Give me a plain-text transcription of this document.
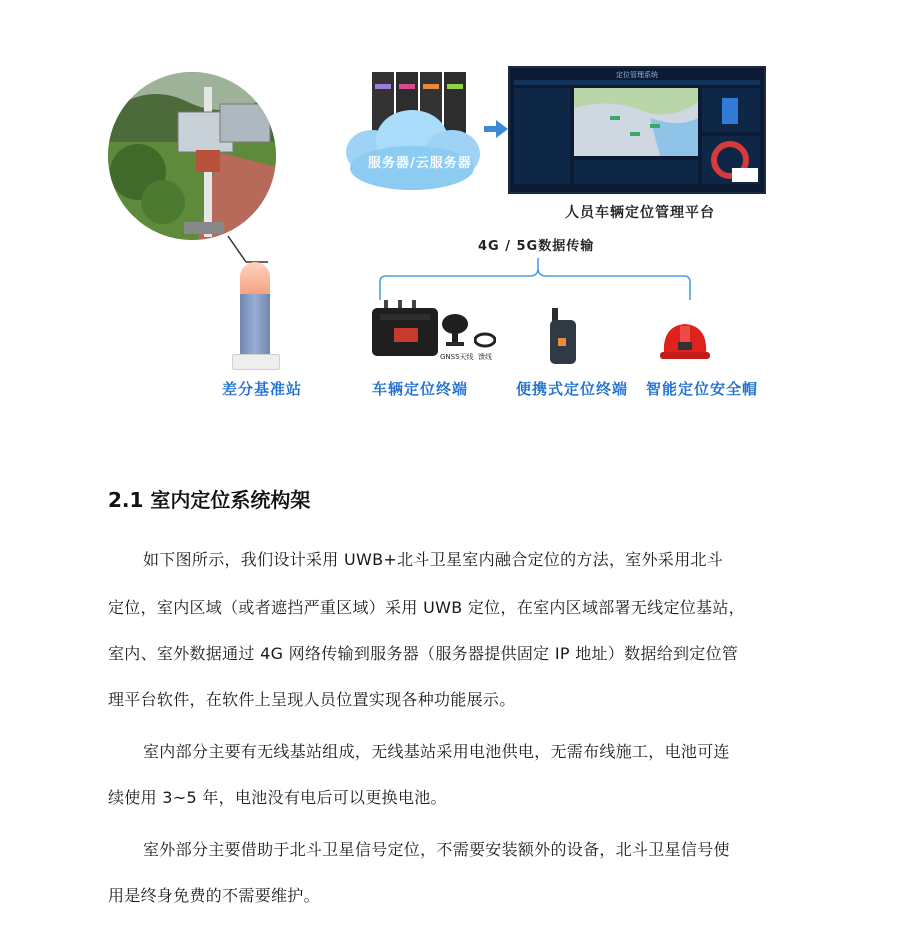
差分基准站
服务器/云服务器
定位管理系统
人员车辆定位管理平台
4G / 5G数据传输
GNSS天线 馈线
车辆定位终端	便携式定位终端 智能定位安全帽
2.1 室内定位系统构架
如下图所示，我们设计采用 UWB+北斗卫星室内融合定位的方法，室外采用北斗
定位，室内区域（或者遮挡严重区域）采用 UWB 定位，在室内区域部署无线定位基站，
室内、室外数据通过 4G 网络传输到服务器（服务器提供固定 IP 地址）数据给到定位管
理平台软件，在软件上呈现人员位置实现各种功能展示。
室内部分主要有无线基站组成，无线基站采用电池供电，无需布线施工，电池可连
续使用 3~5 年，电池没有电后可以更换电池。
室外部分主要借助于北斗卫星信号定位，不需要安装额外的设备，北斗卫星信号使
用是终身免费的不需要维护。
